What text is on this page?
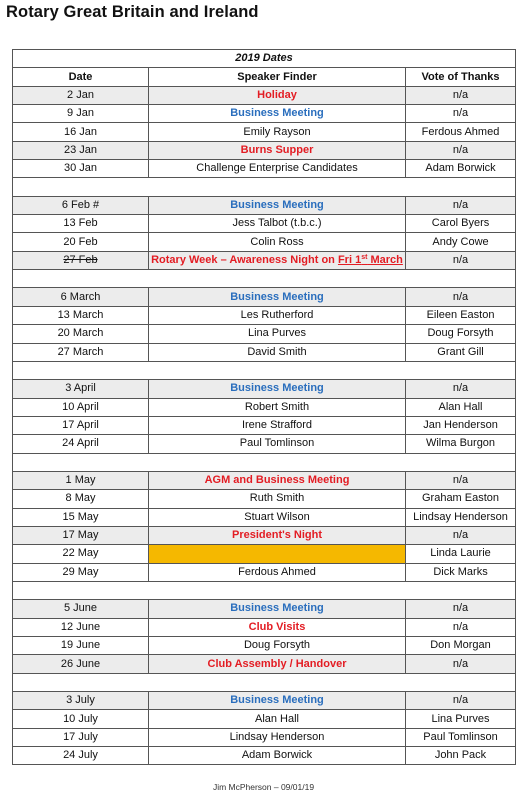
Rotary Great Britain and Ireland
2019 Dates		
Date	Speaker Finder	Vote of Thanks
2 Jan	Holiday	n/a
9 Jan	Business Meeting	n/a
16 Jan	Emily Rayson	Ferdous Ahmed
23 Jan	Burns Supper	n/a
30 Jan	Challenge Enterprise Candidates	Adam Borwick

6 Feb #	Business Meeting	n/a
13 Feb	Jess Talbot (t.b.c.)	Carol Byers
20 Feb	Colin Ross	Andy Cowe
27 Feb	Rotary Week – Awareness Night on Fri 1st March	n/a

6 March	Business Meeting	n/a
13 March	Les Rutherford	Eileen Easton
20 March	Lina Purves	Doug Forsyth
27 March	David Smith	Grant Gill

3 April	Business Meeting	n/a
10 April	Robert Smith	Alan Hall
17 April	Irene Strafford	Jan Henderson
24 April	Paul Tomlinson	Wilma Burgon

1 May	AGM and Business Meeting	n/a
8 May	Ruth Smith	Graham Easton
15 May	Stuart Wilson	Lindsay Henderson
17 May	President's Night	n/a
22 May		Linda Laurie
29 May	Ferdous Ahmed	Dick Marks

5 June	Business Meeting	n/a
12 June	Club Visits	n/a
19 June	Doug Forsyth	Don Morgan
26 June	Club Assembly / Handover	n/a

3 July	Business Meeting	n/a
10 July	Alan Hall	Lina Purves
17 July	Lindsay Henderson	Paul Tomlinson
24 July	Adam Borwick	John Pack
Jim McPherson – 09/01/19
